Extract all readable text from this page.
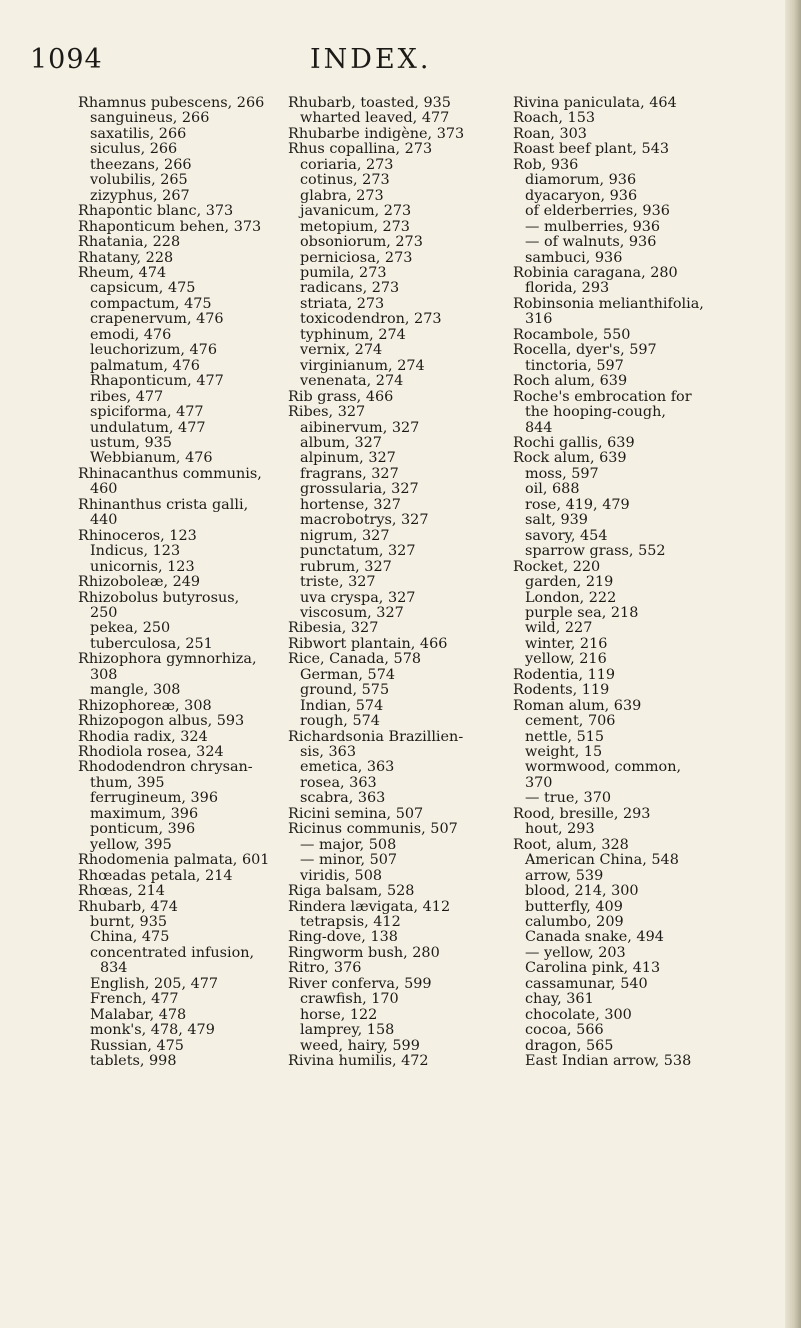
1094	INDEX.
Rhamnus pubescens, 266
sanguineus, 266
saxatilis, 266
siculus, 266
theezans, 266
volubilis, 265
zizyphus, 267
Rhapontic blanc, 373
Rhaponticum behen, 373
Rhatania, 228
Rhatany, 228
Rheum, 474
capsicum, 475
compactum, 475
crapenervum, 476
emodi, 476
leuchorizum, 476
palmatum, 476
Rhaponticum, 477
ribes, 477
spiciforma, 477
undulatum, 477
ustum, 935
Webbianum, 476
Rhinacanthus communis,
460
Rhinanthus crista galli,
440
Rhinoceros, 123
Indicus, 123
unicornis, 123
Rhizoboleæ, 249
Rhizobolus butyrosus,
250
pekea, 250
tuberculosa, 251
Rhizophora gymnorhiza,
308
mangle, 308
Rhizophoreæ, 308
Rhizopogon albus, 593
Rhodia radix, 324
Rhodiola rosea, 324
Rhododendron chrysan-
thum, 395
ferrugineum, 396
maximum, 396
ponticum, 396
yellow, 395
Rhodomenia palmata, 601
Rhœadas petala, 214
Rhœas, 214
Rhubarb, 474
burnt, 935
China, 475
concentrated infusion,
834
English, 205, 477
French, 477
Malabar, 478
monk's, 478, 479
Russian, 475
tablets, 998
Rhubarb, toasted, 935
wharted leaved, 477
Rhubarbe indigène, 373
Rhus copallina, 273
coriaria, 273
cotinus, 273
glabra, 273
javanicum, 273
metopium, 273
obsoniorum, 273
perniciosa, 273
pumila, 273
radicans, 273
striata, 273
toxicodendron, 273
typhinum, 274
vernix, 274
virginianum, 274
venenata, 274
Rib grass, 466
Ribes, 327
aibinervum, 327
album, 327
alpinum, 327
fragrans, 327
grossularia, 327
hortense, 327
macrobotrys, 327
nigrum, 327
punctatum, 327
rubrum, 327
triste, 327
uva cryspa, 327
viscosum, 327
Ribesia, 327
Ribwort plantain, 466
Rice, Canada, 578
German, 574
ground, 575
Indian, 574
rough, 574
Richardsonia Brazillien-
sis, 363
emetica, 363
rosea, 363
scabra, 363
Ricini semina, 507
Ricinus communis, 507
— major, 508
— minor, 507
viridis, 508
Riga balsam, 528
Rindera lævigata, 412
tetrapsis, 412
Ring-dove, 138
Ringworm bush, 280
Ritro, 376
River conferva, 599
crawfish, 170
horse, 122
lamprey, 158
weed, hairy, 599
Rivina humilis, 472
Rivina paniculata, 464
Roach, 153
Roan, 303
Roast beef plant, 543
Rob, 936
diamorum, 936
dyacaryon, 936
of elderberries, 936
— mulberries, 936
— of walnuts, 936
sambuci, 936
Robinia caragana, 280
florida, 293
Robinsonia melianthifolia,
316
Rocambole, 550
Rocella, dyer's, 597
tinctoria, 597
Roch alum, 639
Roche's embrocation for
the hooping-cough,
844
Rochi gallis, 639
Rock alum, 639
moss, 597
oil, 688
rose, 419, 479
salt, 939
savory, 454
sparrow grass, 552
Rocket, 220
garden, 219
London, 222
purple sea, 218
wild, 227
winter, 216
yellow, 216
Rodentia, 119
Rodents, 119
Roman alum, 639
cement, 706
nettle, 515
weight, 15
wormwood, common,
370
— true, 370
Rood, bresille, 293
hout, 293
Root, alum, 328
American China, 548
arrow, 539
blood, 214, 300
butterfly, 409
calumbo, 209
Canada snake, 494
— yellow, 203
Carolina pink, 413
cassamunar, 540
chay, 361
chocolate, 300
cocoa, 566
dragon, 565
East Indian arrow, 538
